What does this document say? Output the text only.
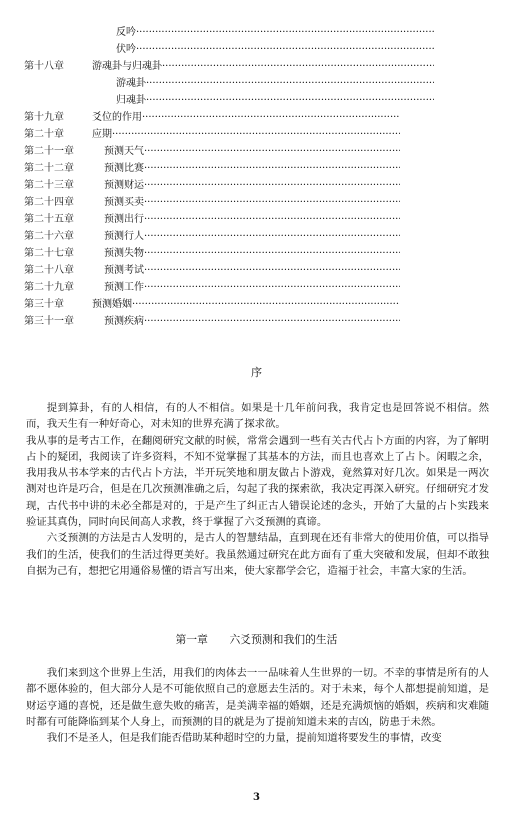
反吟 ·····
伏吟 ·····
第十八章	游魂卦与归魂卦 ·····
游魂卦 ·····
归魂卦 ·····
第十九章	爻位的作用 ·····
第二十章	应期 ·····
第二十一章	预测天气 ·····
第二十二章	预测比赛 ·····
第二十三章	预测财运 ·····
第二十四章	预测买卖 ·····
第二十五章	预测出行 ·····
第二十六章	预测行人 ·····
第二十七章	预测失物 ·····
第二十八章	预测考试 ·····
第二十九章	预测工作 ·····
第三十章	预测婚姻 ·····
第三十一章	预测疾病 ·····
序

提到算卦，有的人相信，有的人不相信。如果是十几年前问我，我肯定也是回答说不相信。然而，我天生有一种好奇心，对未知的世界充满了探求欲。

我从事的是考古工作，在翻阅研究文献的时候，常常会遇到一些有关古代占卜方面的内容，为了解明占卜的疑团，我阅读了许多资料，不知不觉掌握了其基本的方法，而且也喜欢上了占卜。闲暇之余，我用我从书本学来的古代占卜方法，半开玩笑地和朋友做占卜游戏，竟然算对好几次。如果是一两次测对也许是巧合，但是在几次预测准确之后，勾起了我的探索欲，我决定再深入研究。仔细研究才发现，古代书中讲的未必全都是对的，于是产生了纠正古人错误论述的念头，开始了大量的占卜实践来验证其真伪，同时向民间高人求教，终于掌握了六爻预测的真谛。

六爻预测的方法是古人发明的，是古人的智慧结晶，直到现在还有非常大的使用价值，可以指导我们的生活，使我们的生活过得更美好。我虽然通过研究在此方面有了重大突破和发展，但却不敢独自据为己有，想把它用通俗易懂的语言写出来，使大家都学会它，造福于社会，丰富大家的生活。

第一章　　六爻预测和我们的生活

我们来到这个世界上生活，用我们的肉体去一一品味着人生世界的一切。不幸的事情是所有的人都不愿体验的，但大部分人是不可能依照自己的意愿去生活的。对于未来，每个人都想提前知道，是财运亨通的喜悦，还是做生意失败的痛苦，是美满幸福的婚姻，还是充满烦恼的婚姻，疾病和灾难随时都有可能降临到某个人身上，而预测的目的就是为了提前知道未来的吉凶，防患于未然。

我们不是圣人，但是我们能否借助某种超时空的力量，提前知道将要发生的事情，改变

3
